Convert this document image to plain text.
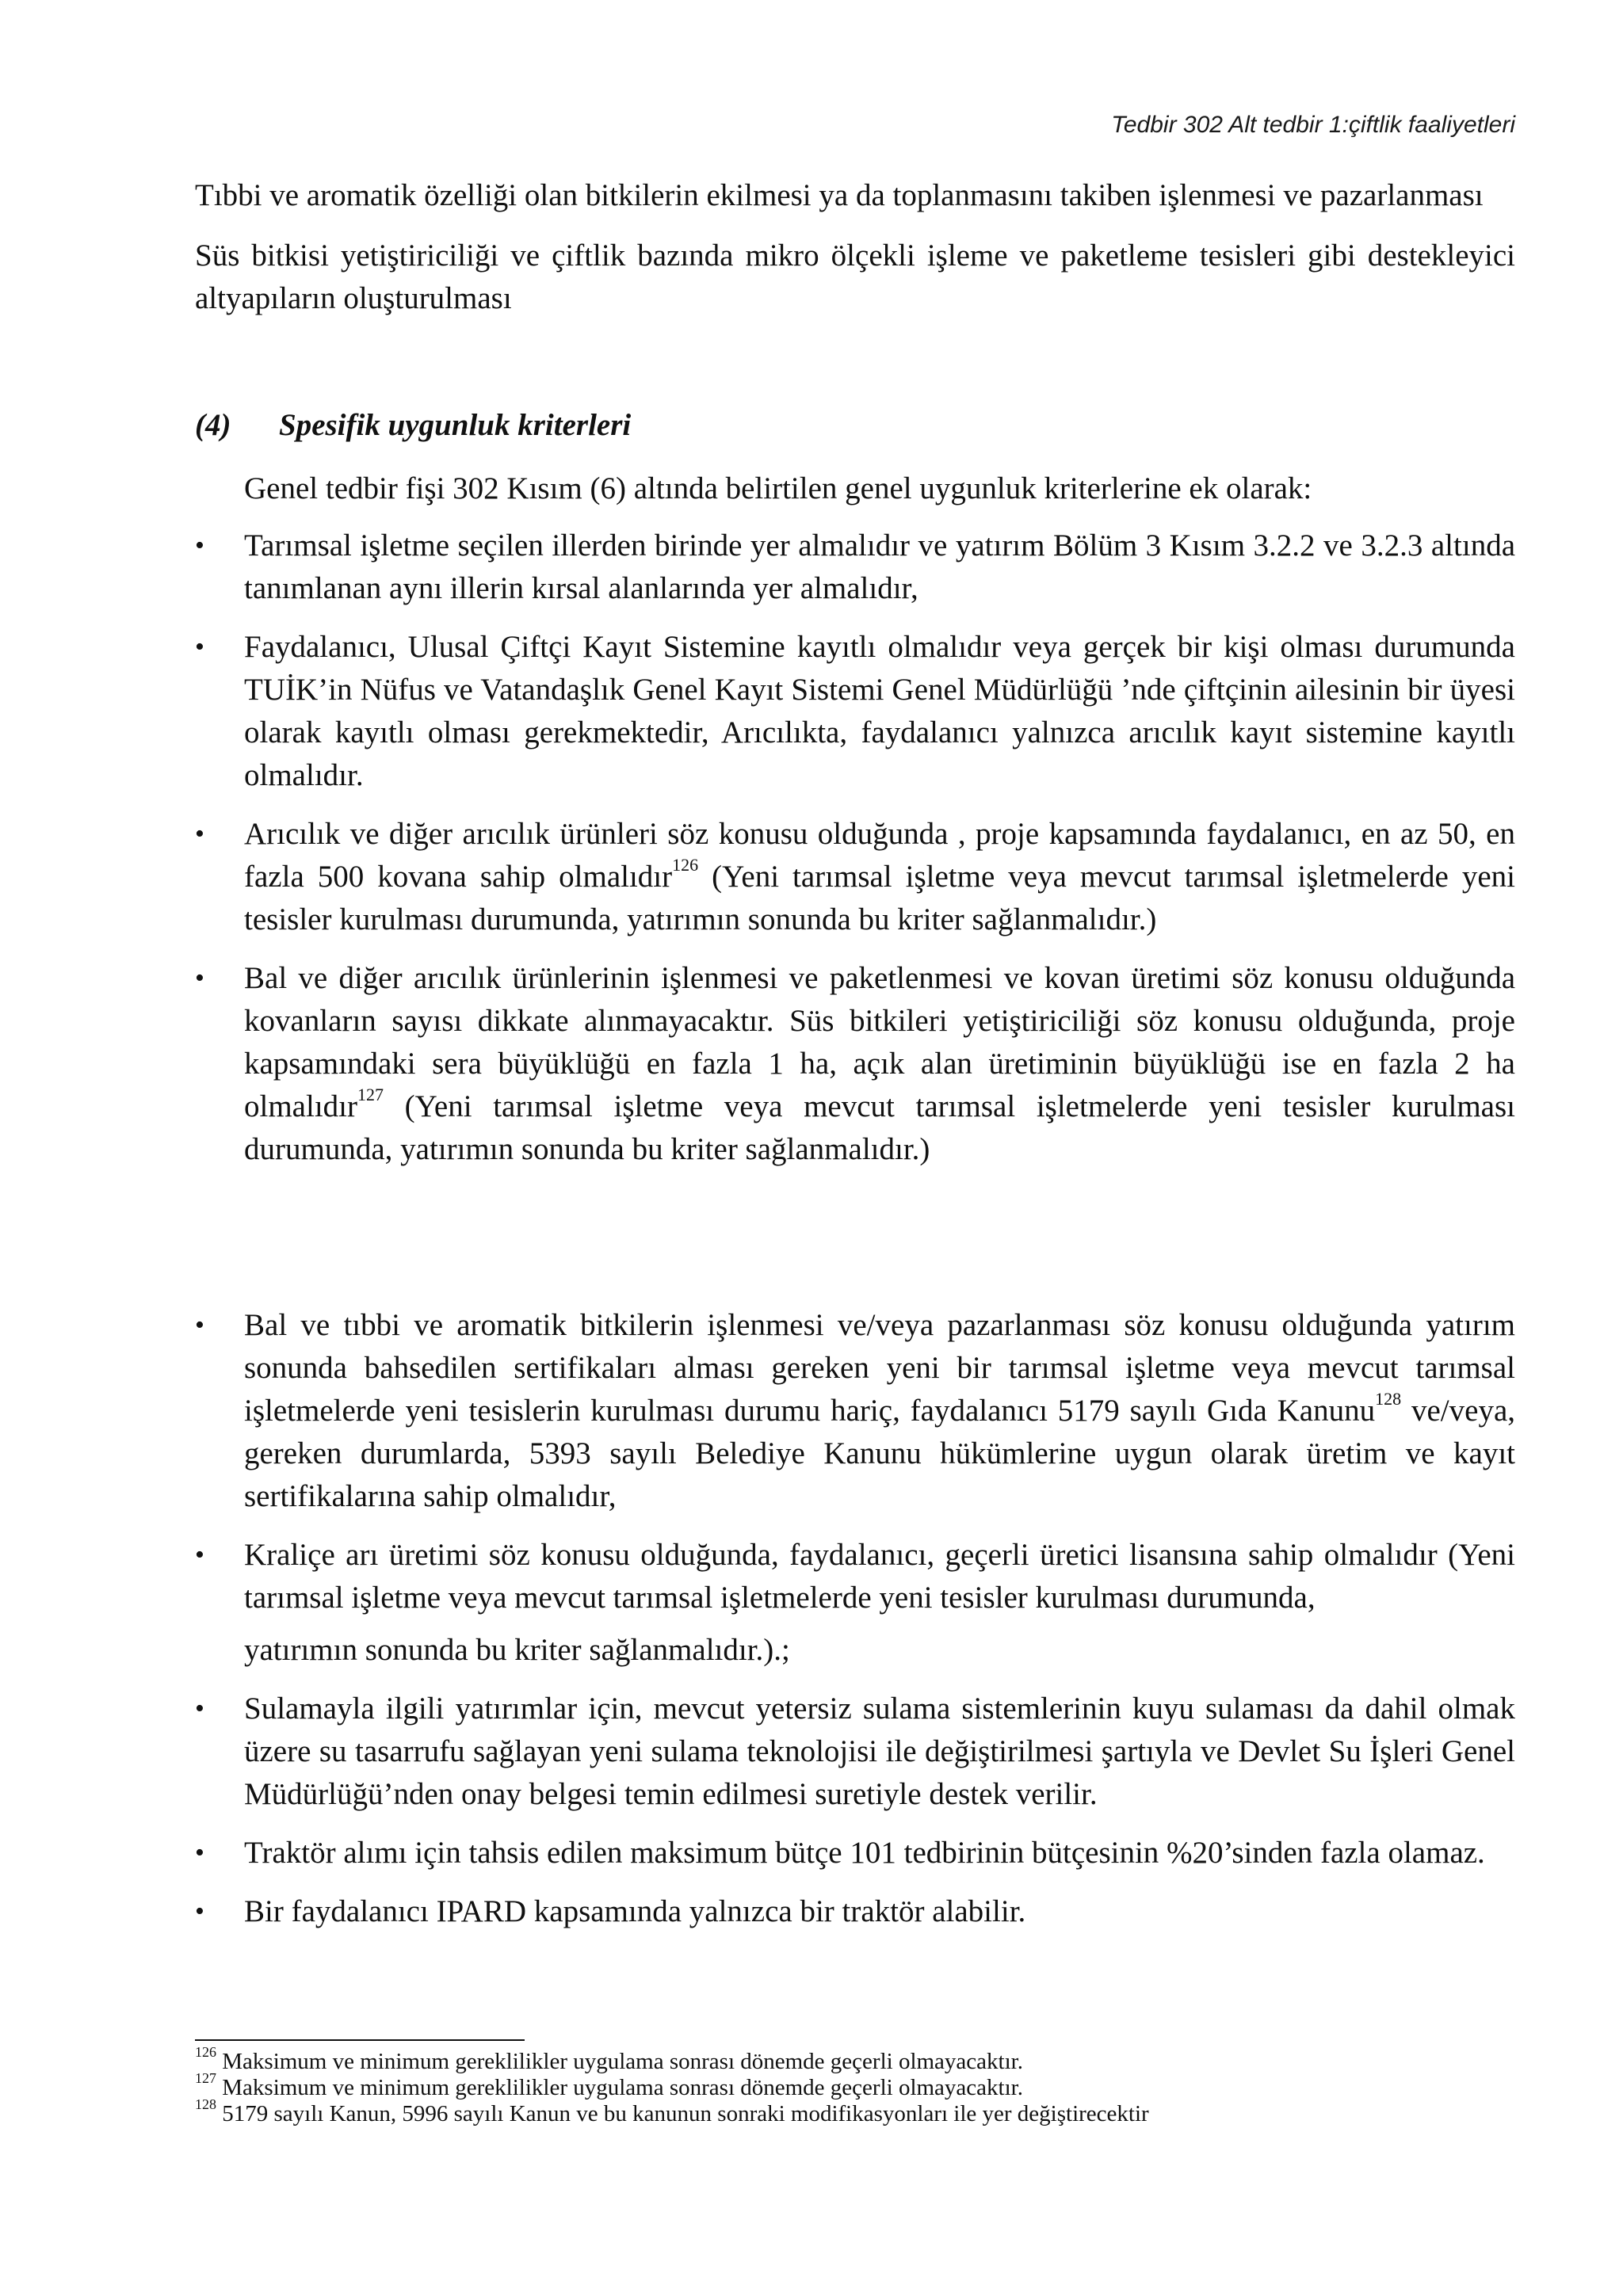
Tedbir 302 Alt tedbir 1:çiftlik faaliyetleri

Tıbbi ve aromatik özelliği olan bitkilerin ekilmesi ya da toplanmasını takiben işlenmesi ve pazarlanması

Süs bitkisi yetiştiriciliği ve çiftlik bazında mikro ölçekli işleme ve paketleme tesisleri gibi destekleyici altyapıların oluşturulması

(4)	Spesifik uygunluk kriterleri

Genel tedbir fişi 302 Kısım (6) altında belirtilen genel uygunluk kriterlerine ek olarak:

• Tarımsal işletme seçilen illerden birinde yer almalıdır ve yatırım Bölüm 3 Kısım 3.2.2 ve 3.2.3 altında tanımlanan aynı illerin kırsal alanlarında yer almalıdır,
• Faydalanıcı, Ulusal Çiftçi Kayıt Sistemine kayıtlı olmalıdır veya gerçek bir kişi olması durumunda TUİK’in Nüfus ve Vatandaşlık Genel Kayıt Sistemi Genel Müdürlüğü ’nde çiftçinin ailesinin bir üyesi olarak kayıtlı olması gerekmektedir, Arıcılıkta, faydalanıcı yalnızca arıcılık kayıt sistemine kayıtlı olmalıdır.
• Arıcılık ve diğer arıcılık ürünleri söz konusu olduğunda , proje kapsamında faydalanıcı, en az 50, en fazla 500 kovana sahip olmalıdır$^{126}$ (Yeni tarımsal işletme veya mevcut tarımsal işletmelerde yeni tesisler kurulması durumunda, yatırımın sonunda bu kriter sağlanmalıdır.)
• Bal ve diğer arıcılık ürünlerinin işlenmesi ve paketlenmesi ve kovan üretimi söz konusu olduğunda kovanların sayısı dikkate alınmayacaktır. Süs bitkileri yetiştiriciliği söz konusu olduğunda, proje kapsamındaki sera büyüklüğü en fazla 1 ha, açık alan üretiminin büyüklüğü ise en fazla 2 ha olmalıdır$^{127}$ (Yeni tarımsal işletme veya mevcut tarımsal işletmelerde yeni tesisler kurulması durumunda, yatırımın sonunda bu kriter sağlanmalıdır.)
• Bal ve tıbbi ve aromatik bitkilerin işlenmesi ve/veya pazarlanması söz konusu olduğunda yatırım sonunda bahsedilen sertifikaları alması gereken yeni bir tarımsal işletme veya mevcut tarımsal işletmelerde yeni tesislerin kurulması durumu hariç, faydalanıcı 5179 sayılı Gıda Kanunu$^{128}$ ve/veya, gereken durumlarda, 5393 sayılı Belediye Kanunu hükümlerine uygun olarak üretim ve kayıt sertifikalarına sahip olmalıdır,
• Kraliçe arı üretimi söz konusu olduğunda, faydalanıcı, geçerli üretici lisansına sahip olmalıdır (Yeni tarımsal işletme veya mevcut tarımsal işletmelerde yeni tesisler kurulması durumunda,
yatırımın sonunda bu kriter sağlanmalıdır.).;
• Sulamayla ilgili yatırımlar için, mevcut yetersiz sulama sistemlerinin kuyu sulaması da dahil olmak üzere su tasarrufu sağlayan yeni sulama teknolojisi ile değiştirilmesi şartıyla ve Devlet Su İşleri Genel Müdürlüğü’nden onay belgesi temin edilmesi suretiyle destek verilir.
• Traktör alımı için tahsis edilen maksimum bütçe 101 tedbirinin bütçesinin %20’sinden fazla olamaz.
• Bir faydalanıcı IPARD kapsamında yalnızca bir traktör alabilir.
$^{126}$ Maksimum ve minimum gereklilikler uygulama sonrası dönemde geçerli olmayacaktır.
$^{127}$ Maksimum ve minimum gereklilikler uygulama sonrası dönemde geçerli olmayacaktır.
$^{128}$ 5179 sayılı Kanun, 5996 sayılı Kanun ve bu kanunun sonraki modifikasyonları ile yer değiştirecektir
